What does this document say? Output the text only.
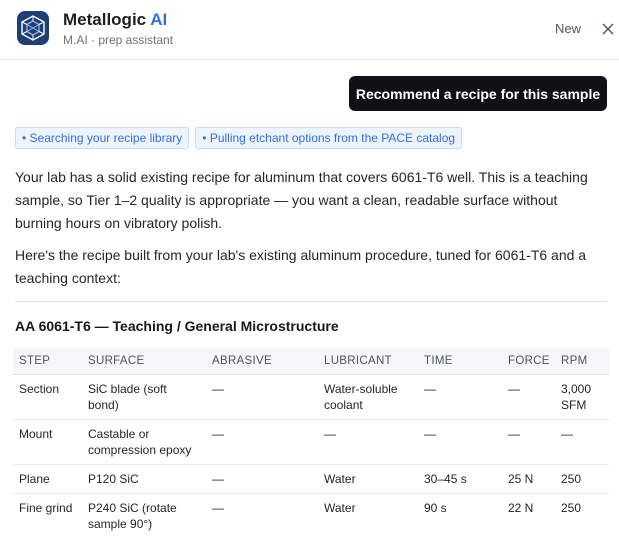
Metallogic AI
M.AI · prep assistant
New
Recommend a recipe for this sample
• Searching your recipe library	• Pulling etchant options from the PACE catalog

Your lab has a solid existing recipe for aluminum that covers 6061-T6 well. This is a teaching sample, so Tier 1–2 quality is appropriate — you want a clean, readable surface without burning hours on vibratory polish.

Here's the recipe built from your lab's existing aluminum procedure, tuned for 6061-T6 and a teaching context:

AA 6061-T6 — Teaching / General Microstructure
STEP	SURFACE	ABRASIVE	LUBRICANT	TIME	FORCE	RPM
Section	SiC blade (soft bond)	—	Water-soluble coolant	—	—	3,000 SFM
Mount	Castable or compression epoxy	—	—	—	—	—
Plane	P120 SiC	—	Water	30–45 s	25 N	250
Fine grind	P240 SiC (rotate sample 90°)	—	Water	90 s	22 N	250
